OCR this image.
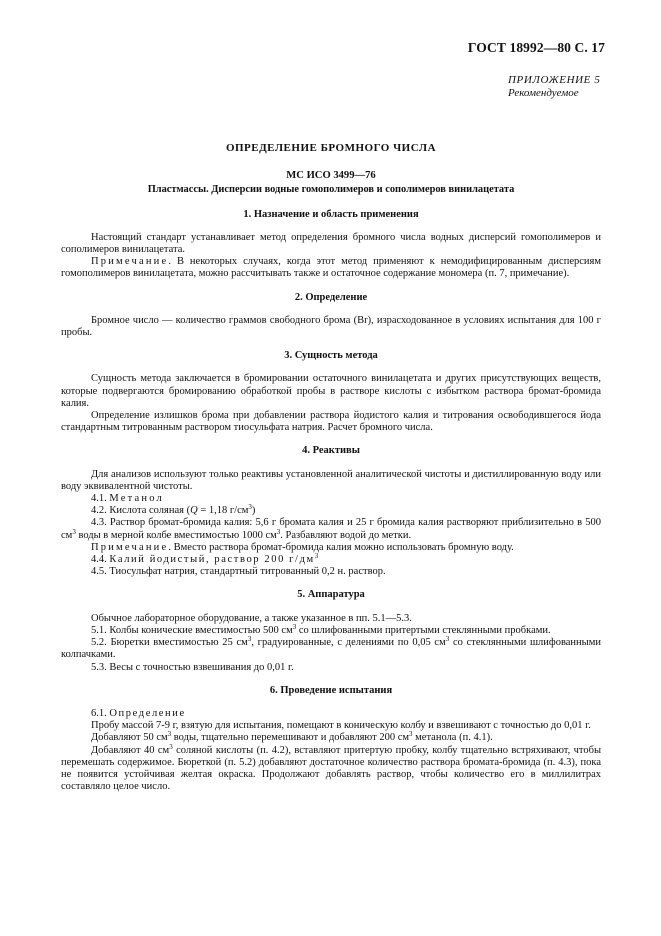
ГОСТ 18992—80 С. 17
ПРИЛОЖЕНИЕ 5
Рекомендуемое
ОПРЕДЕЛЕНИЕ БРОМНОГО ЧИСЛА
МС ИСО 3499—76
Пластмассы. Дисперсии водные гомополимеров и сополимеров винилацетата
1. Назначение и область применения

Настоящий стандарт устанавливает метод определения бромного числа водных дисперсий гомополимеров и сополимеров винилацетата.

Примечание. В некоторых случаях, когда этот метод применяют к немодифицированным дисперсиям гомополимеров винилацетата, можно рассчитывать также и остаточное содержание мономера (п. 7, примечание).

2. Определение

Бромное число — количество граммов свободного брома (Br), израсходованное в условиях испытания для 100 г пробы.

3. Сущность метода

Сущность метода заключается в бромировании остаточного винилацетата и других присутствующих веществ, которые подвергаются бромированию обработкой пробы в растворе кислоты с избытком раствора бромат-бромида калия.

Определение излишков брома при добавлении раствора йодистого калия и титрования освободившегося йода стандартным титрованным раствором тиосульфата натрия. Расчет бромного числа.

4. Реактивы

Для анализов используют только реактивы установленной аналитической чистоты и дистиллированную воду или воду эквивалентной чистоты.

4.1. Метанол

4.2. Кислота соляная (Q = 1,18 $г/см^3$)

4.3. Раствор бромат-бромида калия: 5,6 г бромата калия и 25 г бромида калия растворяют приблизительно в 500 $см^3$ воды в мерной колбе вместимостью 1000 $см^3$. Разбавляют водой до метки.

Примечание. Вместо раствора бромат-бромида калия можно использовать бромную воду.

4.4. Калий йодистый, раствор 200 $г/дм^3$

4.5. Тиосульфат натрия, стандартный титрованный 0,2 н. раствор.

5. Аппаратура

Обычное лабораторное оборудование, а также указанное в пп. 5.1—5.3.

5.1. Колбы конические вместимостью 500 $см^3$ со шлифованными притертыми стеклянными пробками.

5.2. Бюретки вместимостью 25 $см^3$, градуированные, с делениями по 0,05 $см^3$ со стеклянными шлифованными колпачками.

5.3. Весы с точностью взвешивания до 0,01 г.

6. Проведение испытания

6.1. Определение

Пробу массой 7-9 г, взятую для испытания, помещают в коническую колбу и взвешивают с точностью до 0,01 г.

Добавляют 50 $см^3$ воды, тщательно перемешивают и добавляют 200 $см^3$ метанола (п. 4.1).

Добавляют 40 $см^3$ соляной кислоты (п. 4.2), вставляют притертую пробку, колбу тщательно встряхивают, чтобы перемешать содержимое. Бюреткой (п. 5.2) добавляют достаточное количество раствора бромата-бромида (п. 4.3), пока не появится устойчивая желтая окраска. Продолжают добавлять раствор, чтобы количество его в миллилитрах составляло целое число.
